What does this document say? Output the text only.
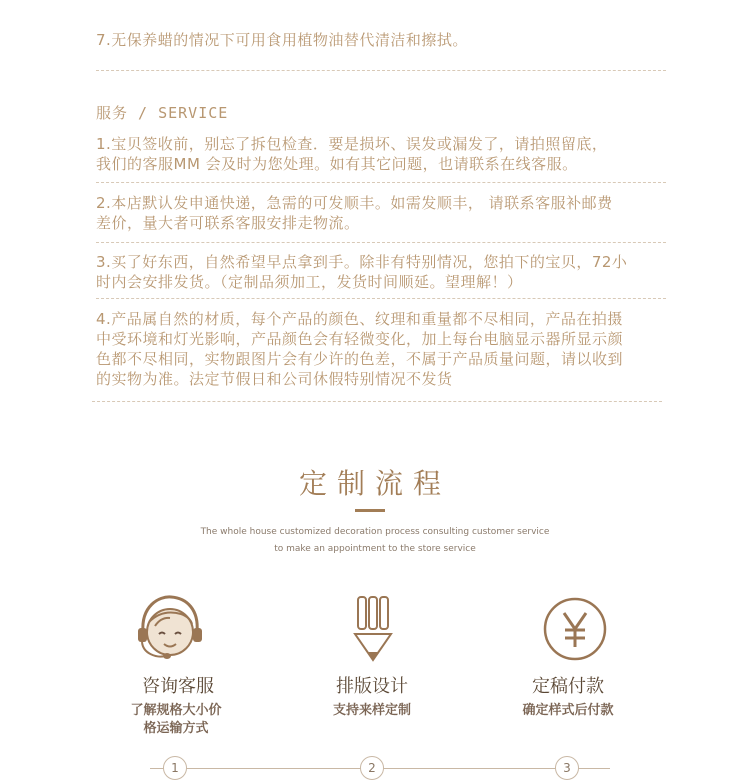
7.无保养蜡的情况下可用食用植物油替代清洁和擦拭。
服务 / SERVICE
1.宝贝签收前，别忘了拆包检查．要是损坏、误发或漏发了，请拍照留底，
我们的客服MM 会及时为您处理。如有其它问题，也请联系在线客服。
2.本店默认发申通快递，急需的可发顺丰。如需发顺丰， 请联系客服补邮费
差价，量大者可联系客服安排走物流。
3.买了好东西，自然希望早点拿到手。除非有特别情况，您拍下的宝贝，72小
时内会安排发货。（定制品须加工，发货时间顺延。望理解！）
4.产品属自然的材质，每个产品的颜色、纹理和重量都不尽相同，产品在拍摄
中受环境和灯光影响，产品颜色会有轻微变化，加上每台电脑显示器所显示颜
色都不尽相同，实物跟图片会有少许的色差，不属于产品质量问题，请以收到
的实物为准。法定节假日和公司休假特别情况不发货
定制流程
The whole house customized decoration process consulting customer service
to make an appointment to the store service
咨询客服
了解规格大小价
格运输方式
排版设计
支持来样定制
定稿付款
确定样式后付款
1	2	3
